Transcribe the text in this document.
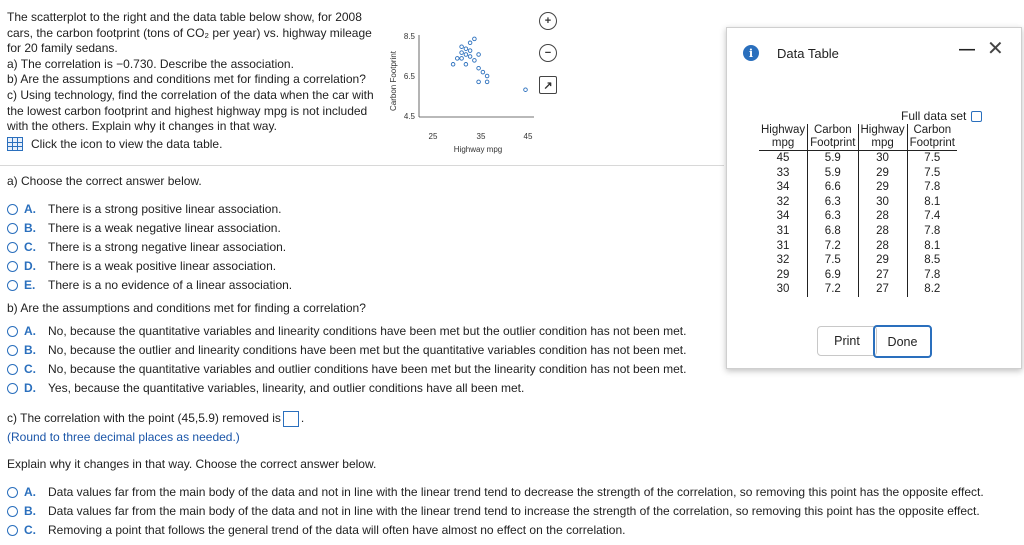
The scatterplot to the right and the data table below show, for 2008

cars, the carbon footprint (tons of CO₂ per year) vs. highway mileage

for 20 family sedans.

a) The correlation is −0.730. Describe the association.

b) Are the assumptions and conditions met for finding a correlation?

c) Using technology, find the correlation of the data when the car with

the lowest carbon footprint and highest highway mpg is not included

with the others. Explain why it changes in that way.

Click the icon to view the data table.
Carbon Footprint
8.5
6.5
4.5
25	35	45
Highway mpg
+
−
↗
a) Choose the correct answer below.
A.	There is a strong positive linear association.
B.	There is a weak negative linear association.
C.	There is a strong negative linear association.
D.	There is a weak positive linear association.
E.	There is a no evidence of a linear association.
b) Are the assumptions and conditions met for finding a correlation?
A.	No, because the quantitative variables and linearity conditions have been met but the outlier condition has not been met.
B.	No, because the outlier and linearity conditions have been met but the quantitative variables condition has not been met.
C.	No, because the quantitative variables and outlier conditions have been met but the linearity condition has not been met.
D.	Yes, because the quantitative variables, linearity, and outlier conditions have all been met.
c) The correlation with the point (45,5.9) removed is .
(Round to three decimal places as needed.)
Explain why it changes in that way. Choose the correct answer below.
A.	Data values far from the main body of the data and not in line with the linear trend tend to decrease the strength of the correlation, so removing this point has the opposite effect.
B.	Data values far from the main body of the data and not in line with the linear trend tend to increase the strength of the correlation, so removing this point has the opposite effect.
C.	Removing a point that follows the general trend of the data will often have almost no effect on the correlation.
i	Data Table	— ✕
Full data set
Highway
mpg	Carbon
Footprint	Highway
mpg	Carbon
Footprint
45	5.9	30	7.5
33	5.9	29	7.5
34	6.6	29	7.8
32	6.3	30	8.1
34	6.3	28	7.4
31	6.8	28	7.8
31	7.2	28	8.1
32	7.5	29	8.5
29	6.9	27	7.8
30	7.2	27	8.2
Print	Done
